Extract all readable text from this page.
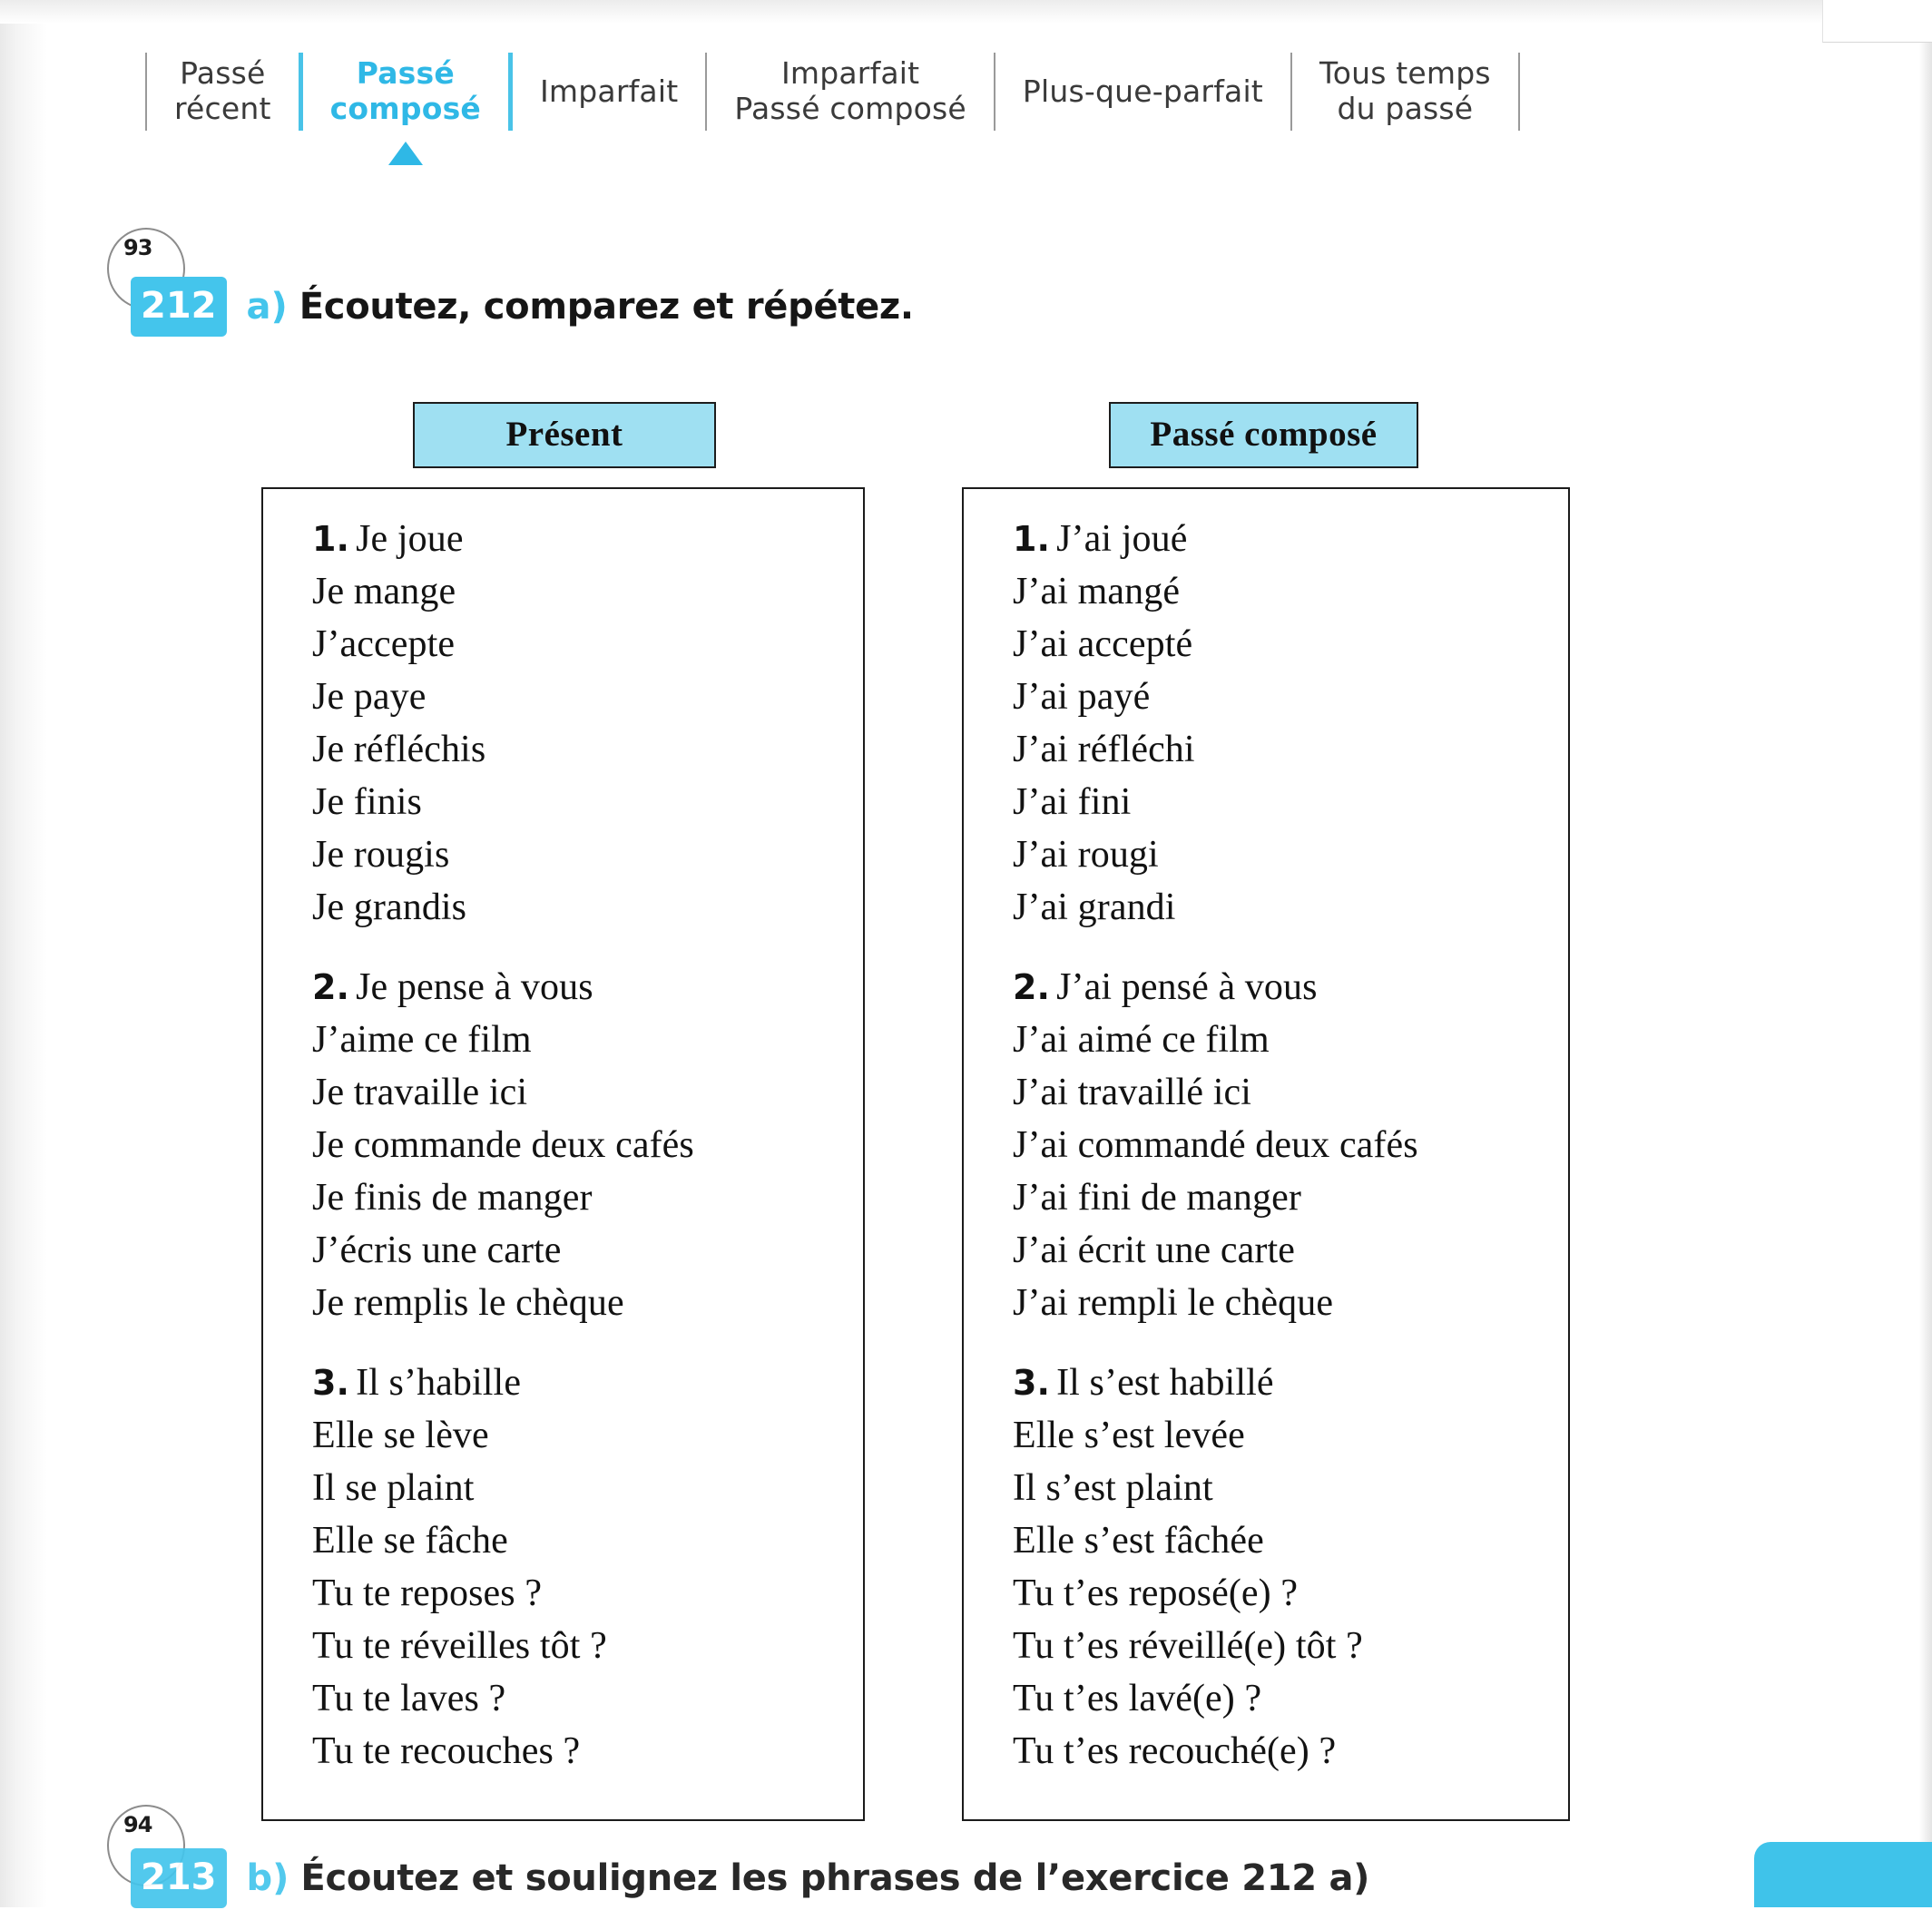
Passé
récent
Passé
composé Imparfait	Imparfait
Passé composé Plus-que-parfait Tous temps
du passé
93
212 a) Écoutez, comparez et répétez.
Présent	Passé composé
1. Je joue
Je mange
J’accepte
Je paye
Je réfléchis
Je finis
Je rougis
Je grandis
2. Je pense à vous
J’aime ce film
Je travaille ici
Je commande deux cafés
Je finis de manger
J’écris une carte
Je remplis le chèque
3. Il s’habille
Elle se lève
Il se plaint
Elle se fâche
Tu te reposes ?
Tu te réveilles tôt ?
Tu te laves ?
Tu te recouches ?
1. J’ai joué
J’ai mangé
J’ai accepté
J’ai payé
J’ai réfléchi
J’ai fini
J’ai rougi
J’ai grandi
2. J’ai pensé à vous
J’ai aimé ce film
J’ai travaillé ici
J’ai commandé deux cafés
J’ai fini de manger
J’ai écrit une carte
J’ai rempli le chèque
3. Il s’est habillé
Elle s’est levée
Il s’est plaint
Elle s’est fâchée
Tu t’es reposé(e) ?
Tu t’es réveillé(e) tôt ?
Tu t’es lavé(e) ?
Tu t’es recouché(e) ?
94
213 b) Écoutez et soulignez les phrases de l’exercice 212 a)
